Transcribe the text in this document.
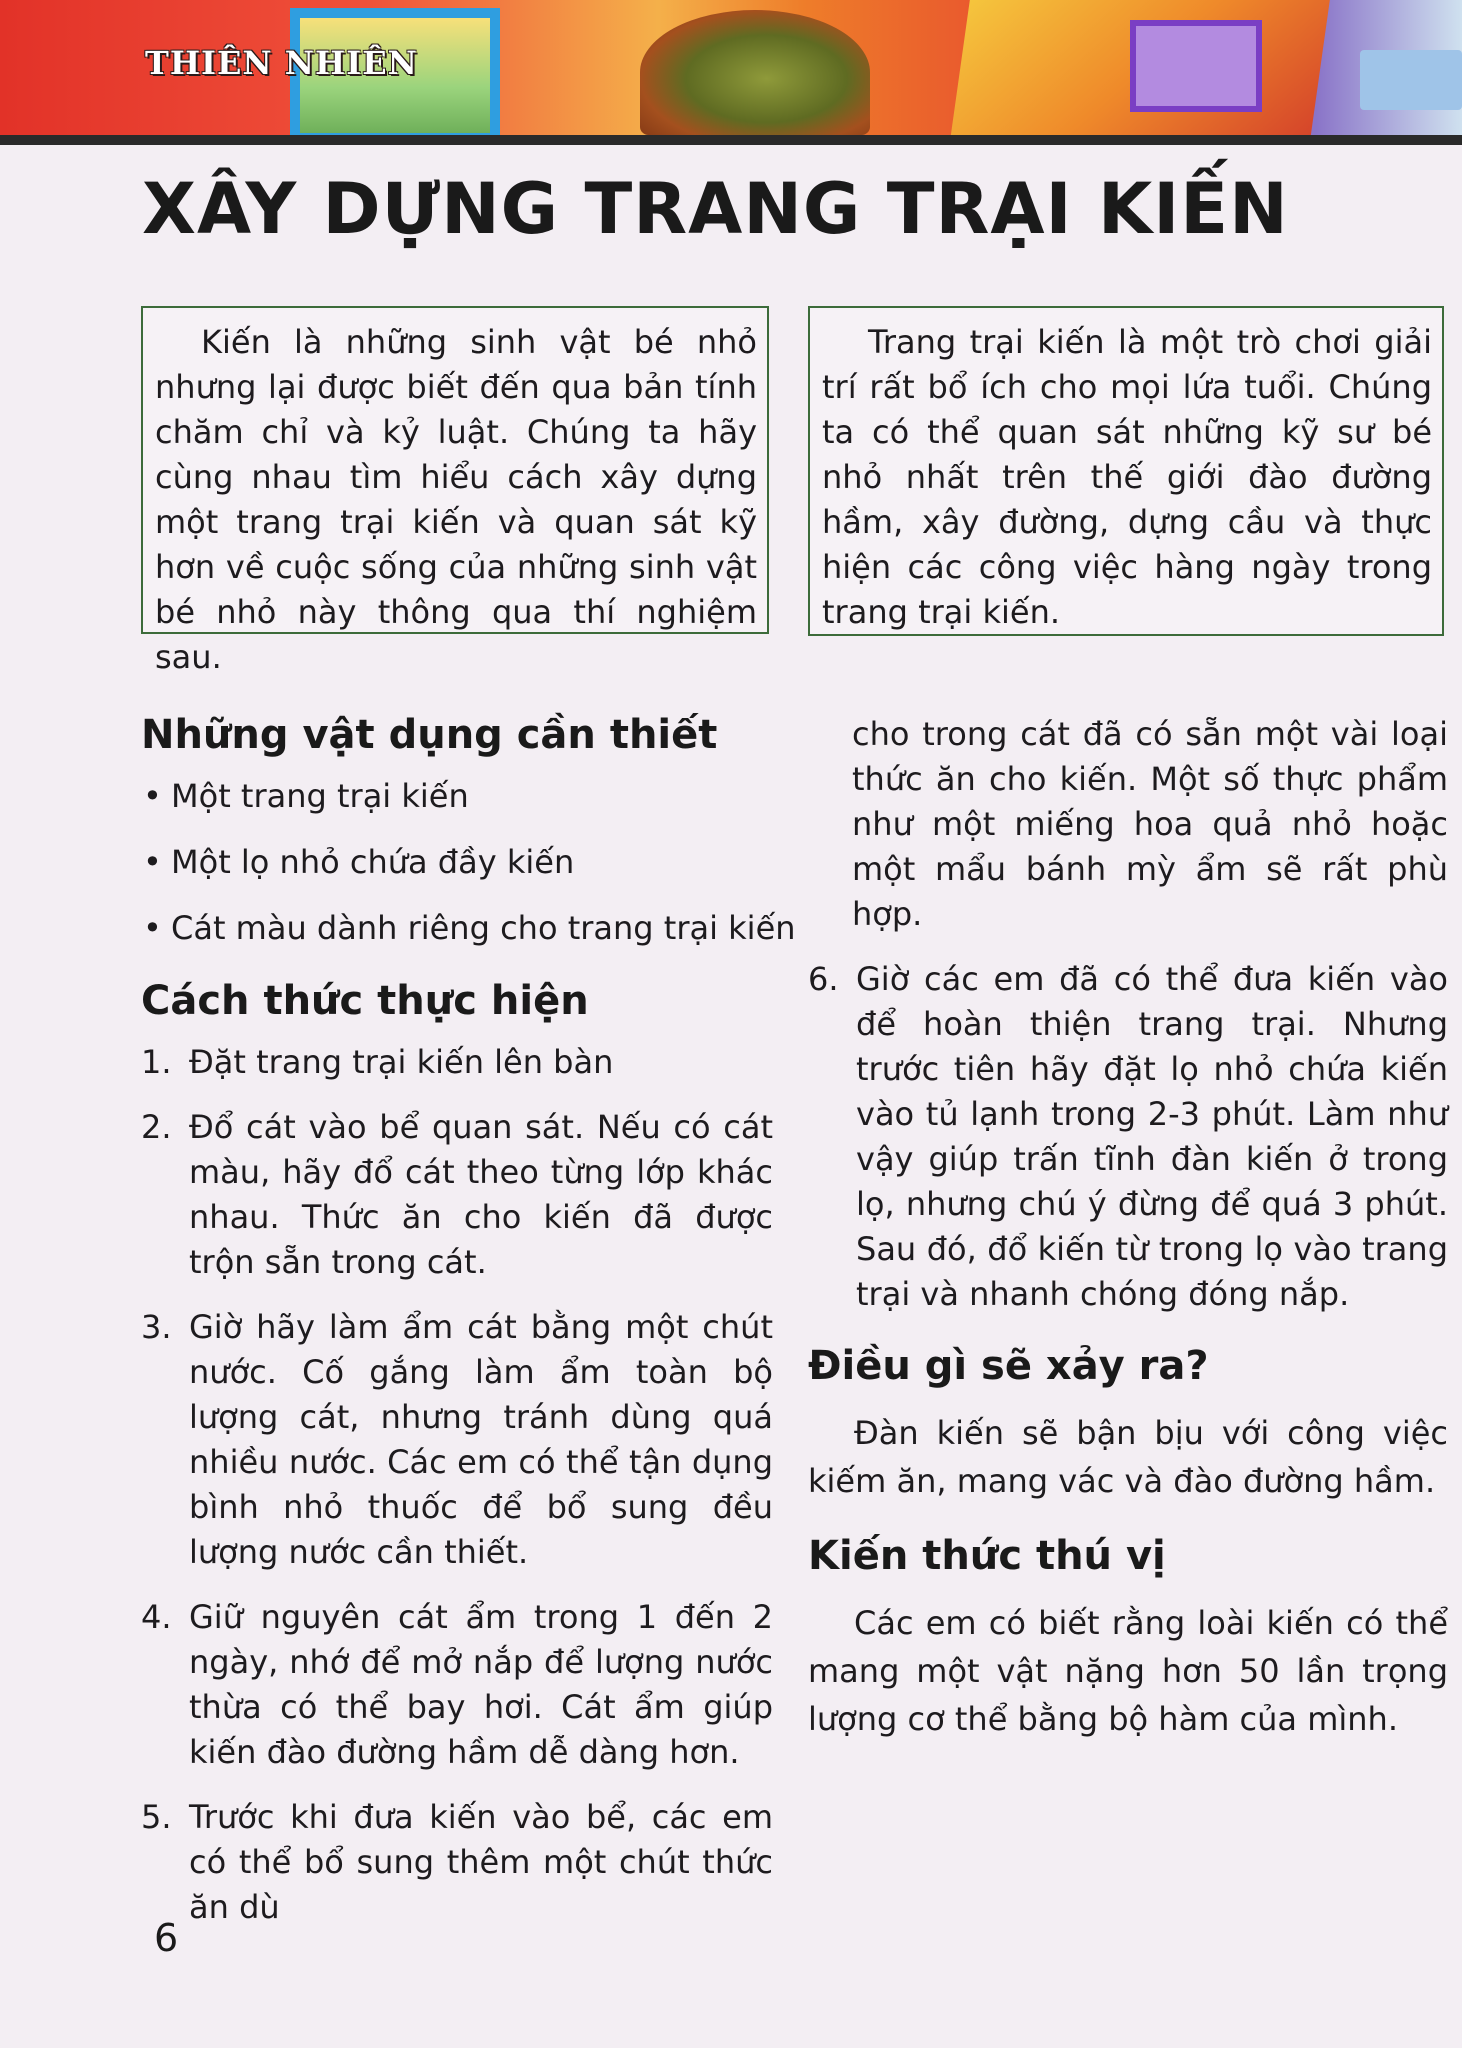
THIÊN NHIÊN
XÂY DỰNG TRANG TRẠI KIẾN

Kiến là những sinh vật bé nhỏ nhưng lại được biết đến qua bản tính chăm chỉ và kỷ luật. Chúng ta hãy cùng nhau tìm hiểu cách xây dựng một trang trại kiến và quan sát kỹ hơn về cuộc sống của những sinh vật bé nhỏ này thông qua thí nghiệm sau.

Trang trại kiến là một trò chơi giải trí rất bổ ích cho mọi lứa tuổi. Chúng ta có thể quan sát những kỹ sư bé nhỏ nhất trên thế giới đào đường hầm, xây đường, dựng cầu và thực hiện các công việc hàng ngày trong trang trại kiến.

Những vật dụng cần thiết
• Một trang trại kiến
• Một lọ nhỏ chứa đầy kiến
• Cát màu dành riêng cho trang trại kiến
Cách thức thực hiện
1. Đặt trang trại kiến lên bàn
2. Đổ cát vào bể quan sát. Nếu có cát màu, hãy đổ cát theo từng lớp khác nhau. Thức ăn cho kiến đã được trộn sẵn trong cát.
3. Giờ hãy làm ẩm cát bằng một chút nước. Cố gắng làm ẩm toàn bộ lượng cát, nhưng tránh dùng quá nhiều nước. Các em có thể tận dụng bình nhỏ thuốc để bổ sung đều lượng nước cần thiết.
4. Giữ nguyên cát ẩm trong 1 đến 2 ngày, nhớ để mở nắp để lượng nước thừa có thể bay hơi. Cát ẩm giúp kiến đào đường hầm dễ dàng hơn.
5. Trước khi đưa kiến vào bể, các em có thể bổ sung thêm một chút thức ăn dù

cho trong cát đã có sẵn một vài loại thức ăn cho kiến. Một số thực phẩm như một miếng hoa quả nhỏ hoặc một mẩu bánh mỳ ẩm sẽ rất phù hợp.

6. Giờ các em đã có thể đưa kiến vào để hoàn thiện trang trại. Nhưng trước tiên hãy đặt lọ nhỏ chứa kiến vào tủ lạnh trong 2-3 phút. Làm như vậy giúp trấn tĩnh đàn kiến ở trong lọ, nhưng chú ý đừng để quá 3 phút. Sau đó, đổ kiến từ trong lọ vào trang trại và nhanh chóng đóng nắp.
Điều gì sẽ xảy ra?

Đàn kiến sẽ bận bịu với công việc kiếm ăn, mang vác và đào đường hầm.

Kiến thức thú vị

Các em có biết rằng loài kiến có thể mang một vật nặng hơn 50 lần trọng lượng cơ thể bằng bộ hàm của mình.

6
